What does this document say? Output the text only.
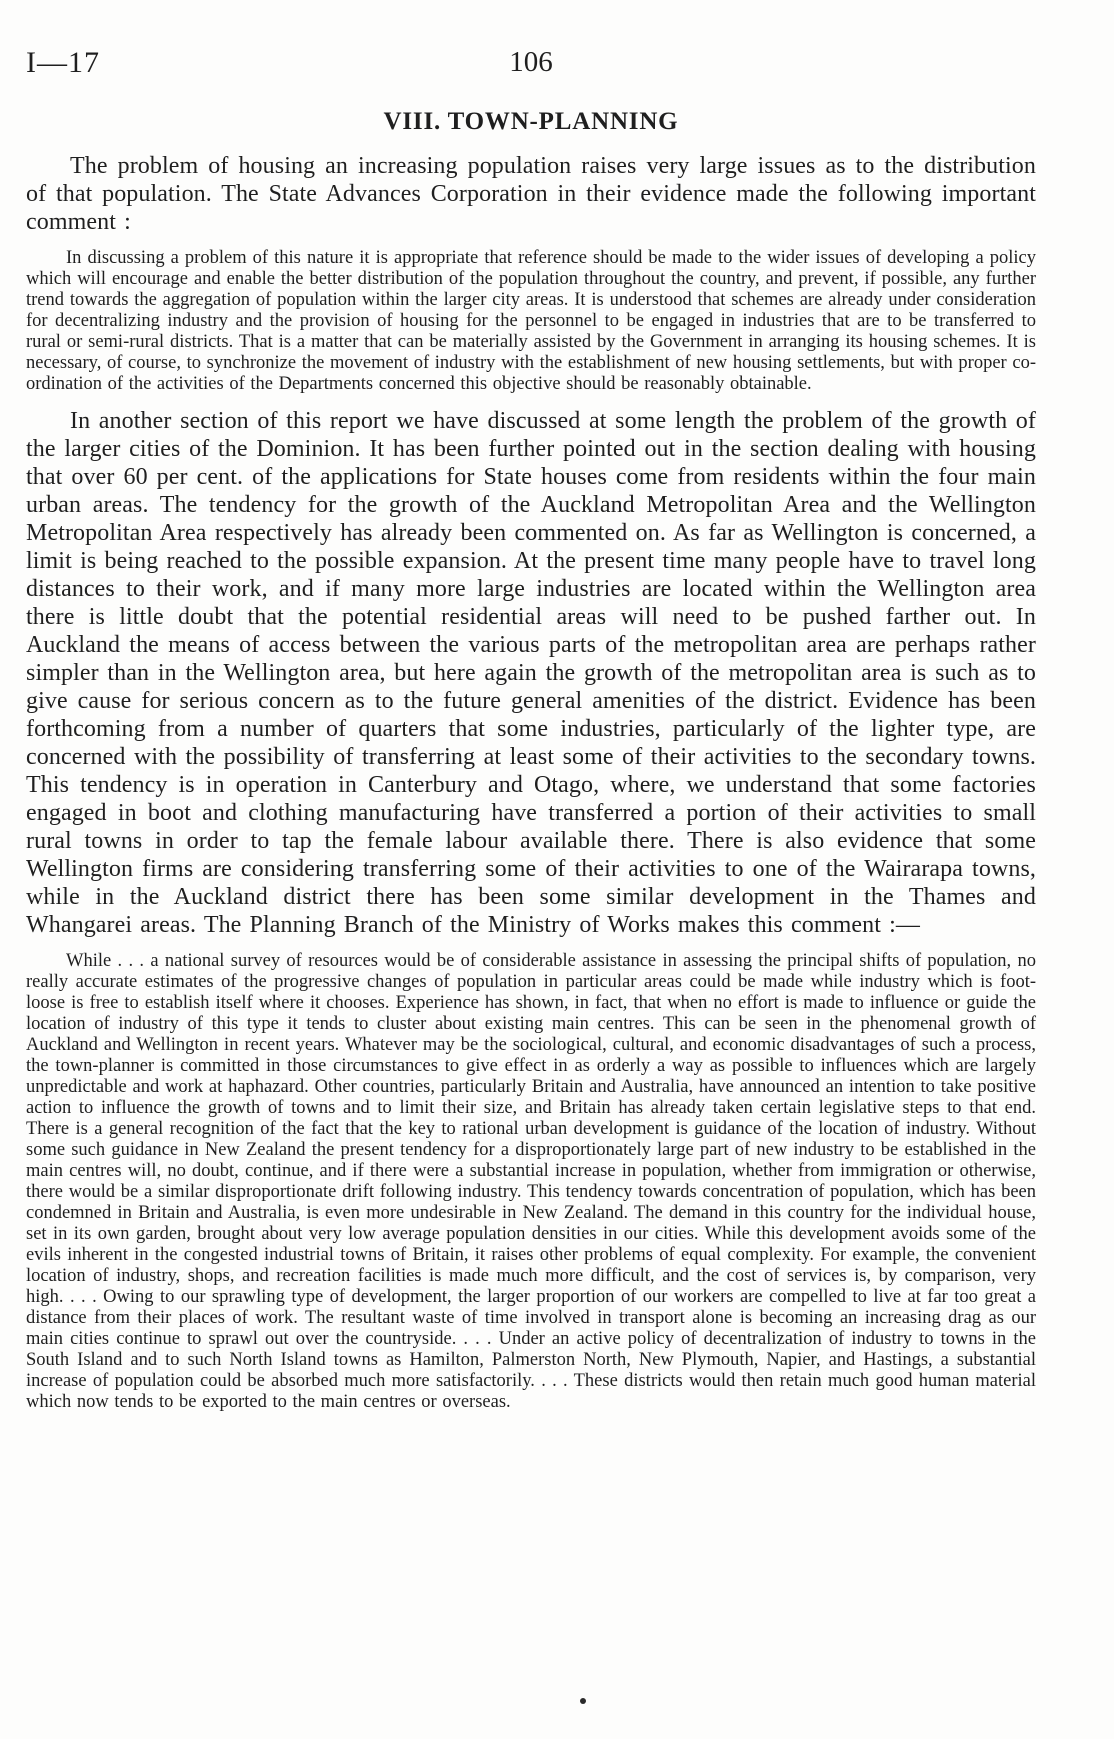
I—17	106
VIII. TOWN-PLANNING

The problem of housing an increasing population raises very large issues as to the distribution of that population. The State Advances Corporation in their evidence made the following important comment :

In discussing a problem of this nature it is appropriate that reference should be made to the wider issues of developing a policy which will encourage and enable the better distribution of the population throughout the country, and prevent, if possible, any further trend towards the aggregation of population within the larger city areas. It is understood that schemes are already under consideration for decentralizing industry and the provision of housing for the personnel to be engaged in industries that are to be transferred to rural or semi-rural districts. That is a matter that can be materially assisted by the Government in arranging its housing schemes. It is necessary, of course, to synchronize the movement of industry with the establishment of new housing settlements, but with proper co-ordination of the activities of the Departments concerned this objective should be reasonably obtainable.

In another section of this report we have discussed at some length the problem of the growth of the larger cities of the Dominion. It has been further pointed out in the section dealing with housing that over 60 per cent. of the applications for State houses come from residents within the four main urban areas. The tendency for the growth of the Auckland Metropolitan Area and the Wellington Metropolitan Area respectively has already been commented on. As far as Wellington is concerned, a limit is being reached to the possible expansion. At the present time many people have to travel long distances to their work, and if many more large industries are located within the Wellington area there is little doubt that the potential residential areas will need to be pushed farther out. In Auckland the means of access between the various parts of the metropolitan area are perhaps rather simpler than in the Wellington area, but here again the growth of the metropolitan area is such as to give cause for serious concern as to the future general amenities of the district. Evidence has been forthcoming from a number of quarters that some industries, particularly of the lighter type, are concerned with the possibility of transferring at least some of their activities to the secondary towns. This tendency is in operation in Canterbury and Otago, where, we understand that some factories engaged in boot and clothing manufacturing have transferred a portion of their activities to small rural towns in order to tap the female labour available there. There is also evidence that some Wellington firms are considering transferring some of their activities to one of the Wairarapa towns, while in the Auckland district there has been some similar development in the Thames and Whangarei areas. The Planning Branch of the Ministry of Works makes this comment :—

While . . . a national survey of resources would be of considerable assistance in assessing the principal shifts of population, no really accurate estimates of the progressive changes of population in particular areas could be made while industry which is foot-loose is free to establish itself where it chooses. Experience has shown, in fact, that when no effort is made to influence or guide the location of industry of this type it tends to cluster about existing main centres. This can be seen in the phenomenal growth of Auckland and Wellington in recent years. Whatever may be the sociological, cultural, and economic disadvantages of such a process, the town-planner is committed in those circumstances to give effect in as orderly a way as possible to influences which are largely unpredictable and work at haphazard. Other countries, particularly Britain and Australia, have announced an intention to take positive action to influence the growth of towns and to limit their size, and Britain has already taken certain legislative steps to that end. There is a general recognition of the fact that the key to rational urban development is guidance of the location of industry. Without some such guidance in New Zealand the present tendency for a disproportionately large part of new industry to be established in the main centres will, no doubt, continue, and if there were a substantial increase in population, whether from immigration or otherwise, there would be a similar disproportionate drift following industry. This tendency towards concentration of population, which has been condemned in Britain and Australia, is even more undesirable in New Zealand. The demand in this country for the individual house, set in its own garden, brought about very low average population densities in our cities. While this development avoids some of the evils inherent in the congested industrial towns of Britain, it raises other problems of equal complexity. For example, the convenient location of industry, shops, and recreation facilities is made much more difficult, and the cost of services is, by comparison, very high. . . . Owing to our sprawling type of development, the larger proportion of our workers are compelled to live at far too great a distance from their places of work. The resultant waste of time involved in transport alone is becoming an increasing drag as our main cities continue to sprawl out over the countryside. . . . Under an active policy of decentralization of industry to towns in the South Island and to such North Island towns as Hamilton, Palmerston North, New Plymouth, Napier, and Hastings, a substantial increase of population could be absorbed much more satisfactorily. . . . These districts would then retain much good human material which now tends to be exported to the main centres or overseas.
